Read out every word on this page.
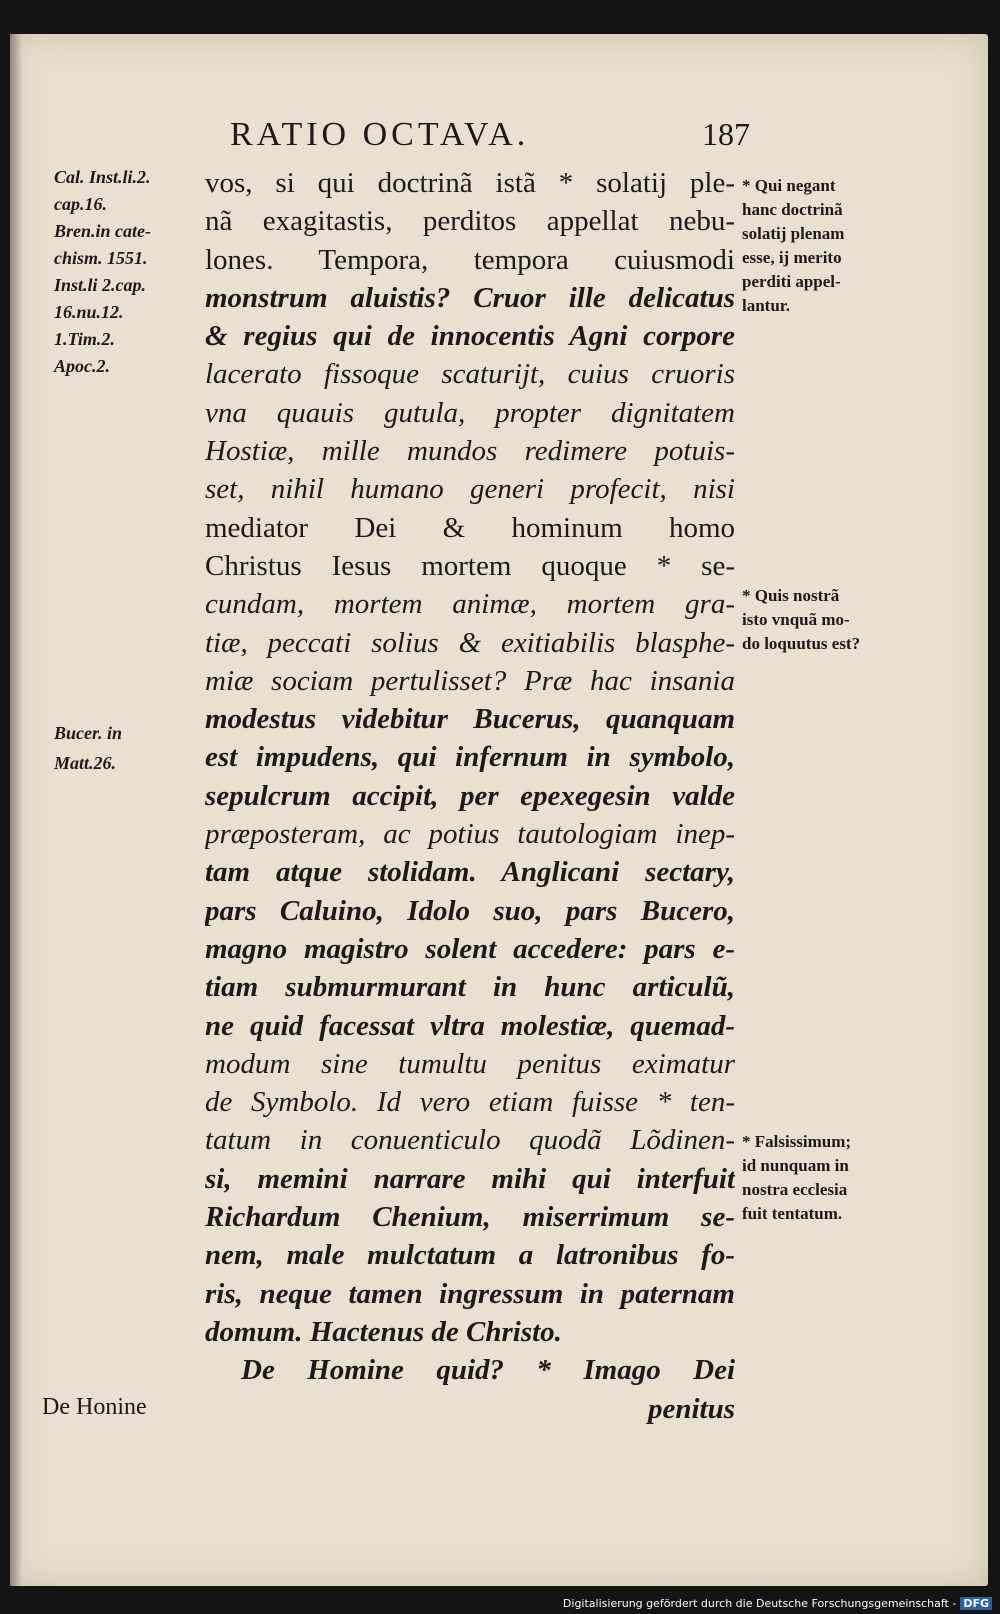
RATIO OCTAVA.	187
Cal. Inst.li.2.
cap.16.
Bren.in cate-
chism. 1551.
Inst.li 2.cap.
16.nu.12.
1.Tim.2.
Apoc.2.
Bucer. in
Matt.26.
De Honine
vos, si qui doctrinã istã * solatij ple-
nã exagitastis, perditos appellat nebu-
lones. Tempora, tempora cuiusmodi
monstrum aluistis? Cruor ille delicatus
& regius qui de innocentis Agni corpore
lacerato fissoque scaturijt, cuius cruoris
vna quauis gutula, propter dignitatem
Hostiæ, mille mundos redimere potuis-
set, nihil humano generi profecit, nisi
mediator Dei & hominum homo
Christus Iesus mortem quoque * se-
cundam, mortem animæ, mortem gra-
tiæ, peccati solius & exitiabilis blasphe-
miæ sociam pertulisset? Præ hac insania
modestus videbitur Bucerus, quanquam
est impudens, qui infernum in symbolo,
sepulcrum accipit, per epexegesin valde
præposteram, ac potius tautologiam inep-
tam atque stolidam. Anglicani sectary,
pars Caluino, Idolo suo, pars Bucero,
magno magistro solent accedere: pars e-
tiam submurmurant in hunc articulũ,
ne quid facessat vltra molestiæ, quemad-
modum sine tumultu penitus eximatur
de Symbolo. Id vero etiam fuisse * ten-
tatum in conuenticulo quodã Lõdinen-
si, memini narrare mihi qui interfuit
Richardum Chenium, miserrimum se-
nem, male mulctatum a latronibus fo-
ris, neque tamen ingressum in paternam
domum. Hactenus de Christo.
De Homine quid? * Imago Dei
penitus
* Qui negant
hanc doctrinã
solatij plenam
esse, ij merito
perditi appel-
lantur.
* Quis nostrã
isto vnquã mo-
do loquutus est?
* Falsissimum;
id nunquam in
nostra ecclesia
fuit tentatum.
Digitalisierung gefördert durch die Deutsche Forschungsgemeinschaft - DFG
